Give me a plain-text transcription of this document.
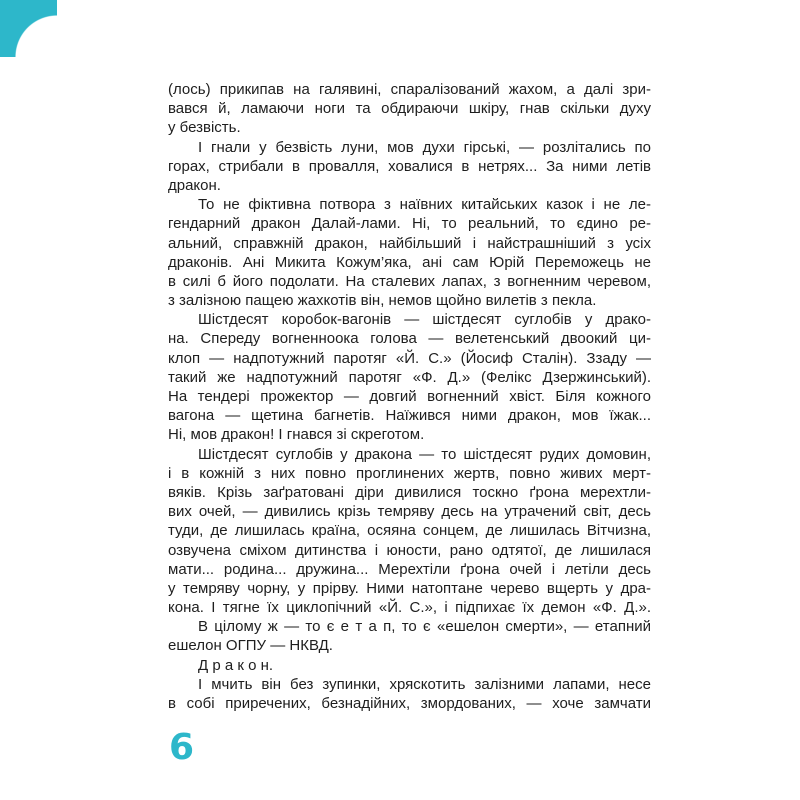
(лось) прикипав на галявині, спаралізований жахом, а далі зри-
вався й, ламаючи ноги та обдираючи шкіру, гнав скільки духу
у безвість.
І гнали у безвість луни, мов духи гірські, — розлітались по
горах, стрибали в провалля, ховалися в нетрях... За ними летів
дракон.
То не фіктивна потвора з наївних китайських казок і не ле-
гендарний дракон Далай-лами. Ні, то реальний, то єдино ре-
альний, справжній дракон, найбільший і найстрашніший з усіх
драконів. Ані Микита Кожум’яка, ані сам Юрій Переможець не
в силі б його подолати. На сталевих лапах, з вогненним черевом,
з залізною пащею жахкотів він, немов щойно вилетів з пекла.
Шістдесят коробок-вагонів — шістдесят суглобів у драко-
на. Спереду вогненноока голова — велетенський двоокий ци-
клоп — надпотужний паротяг «Й. С.» (Йосиф Сталін). Ззаду —
такий же надпотужний паротяг «Ф. Д.» (Фелікс Дзержинський).
На тендері прожектор — довгий вогненний хвіст. Біля кожного
вагона — щетина багнетів. Наїжився ними дракон, мов їжак...
Ні, мов дракон! І гнався зі скреготом.
Шістдесят суглобів у дракона — то шістдесят рудих домовин,
і в кожній з них повно проглинених жертв, повно живих мерт-
вяків. Крізь заґратовані діри дивилися тоскно ґрона мерехтли-
вих очей, — дивились крізь темряву десь на утрачений світ, десь
туди, де лишилась країна, осяяна сонцем, де лишилась Вітчизна,
озвучена сміхом дитинства і юности, рано одтятої, де лишилася
мати... родина... дружина... Мерехтіли ґрона очей і летіли десь
у темряву чорну, у прірву. Ними натоптане черево вщерть у дра-
кона. І тягне їх циклопічний «Й. С.», і підпихає їх демон «Ф. Д.».
В цілому ж — то є е т а п, то є «ешелон смерти», — етапний
ешелон ОГПУ — НКВД.
Д р а к о н.
І мчить він без зупинки, хряскотить залізними лапами, несе
в собі приречених, безнадійних, змордованих, — хоче замчати
6
